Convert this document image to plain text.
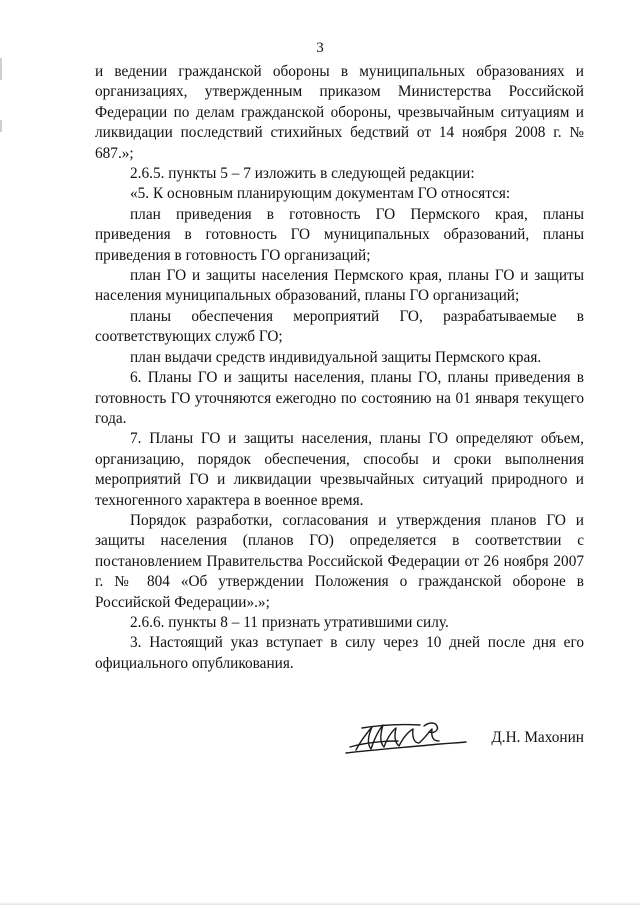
3

и ведении гражданской обороны в муниципальных образованиях и организациях, утвержденным приказом Министерства Российской Федерации по делам гражданской обороны, чрезвычайным ситуациям и ликвидации последствий стихийных бедствий от 14 ноября 2008 г. № 687.»;

2.6.5. пункты 5 – 7 изложить в следующей редакции:

«5. К основным планирующим документам ГО относятся:

план приведения в готовность ГО Пермского края, планы приведения в готовность ГО муниципальных образований, планы приведения в готовность ГО организаций;

план ГО и защиты населения Пермского края, планы ГО и защиты населения муниципальных образований, планы ГО организаций;

планы обеспечения мероприятий ГО, разрабатываемые в соответствующих служб ГО;

план выдачи средств индивидуальной защиты Пермского края.

6. Планы ГО и защиты населения, планы ГО, планы приведения в готовность ГО уточняются ежегодно по состоянию на 01 января текущего года.

7. Планы ГО и защиты населения, планы ГО определяют объем, организацию, порядок обеспечения, способы и сроки выполнения мероприятий ГО и ликвидации чрезвычайных ситуаций природного и техногенного характера в военное время.

Порядок разработки, согласования и утверждения планов ГО и защиты населения (планов ГО) определяется в соответствии с постановлением Правительства Российской Федерации от 26 ноября 2007 г. № 804 «Об утверждении Положения о гражданской обороне в Российской Федерации».»;

2.6.6. пункты 8 – 11 признать утратившими силу.

3. Настоящий указ вступает в силу через 10 дней после дня его официального опубликования.

Д.Н. Махонин
